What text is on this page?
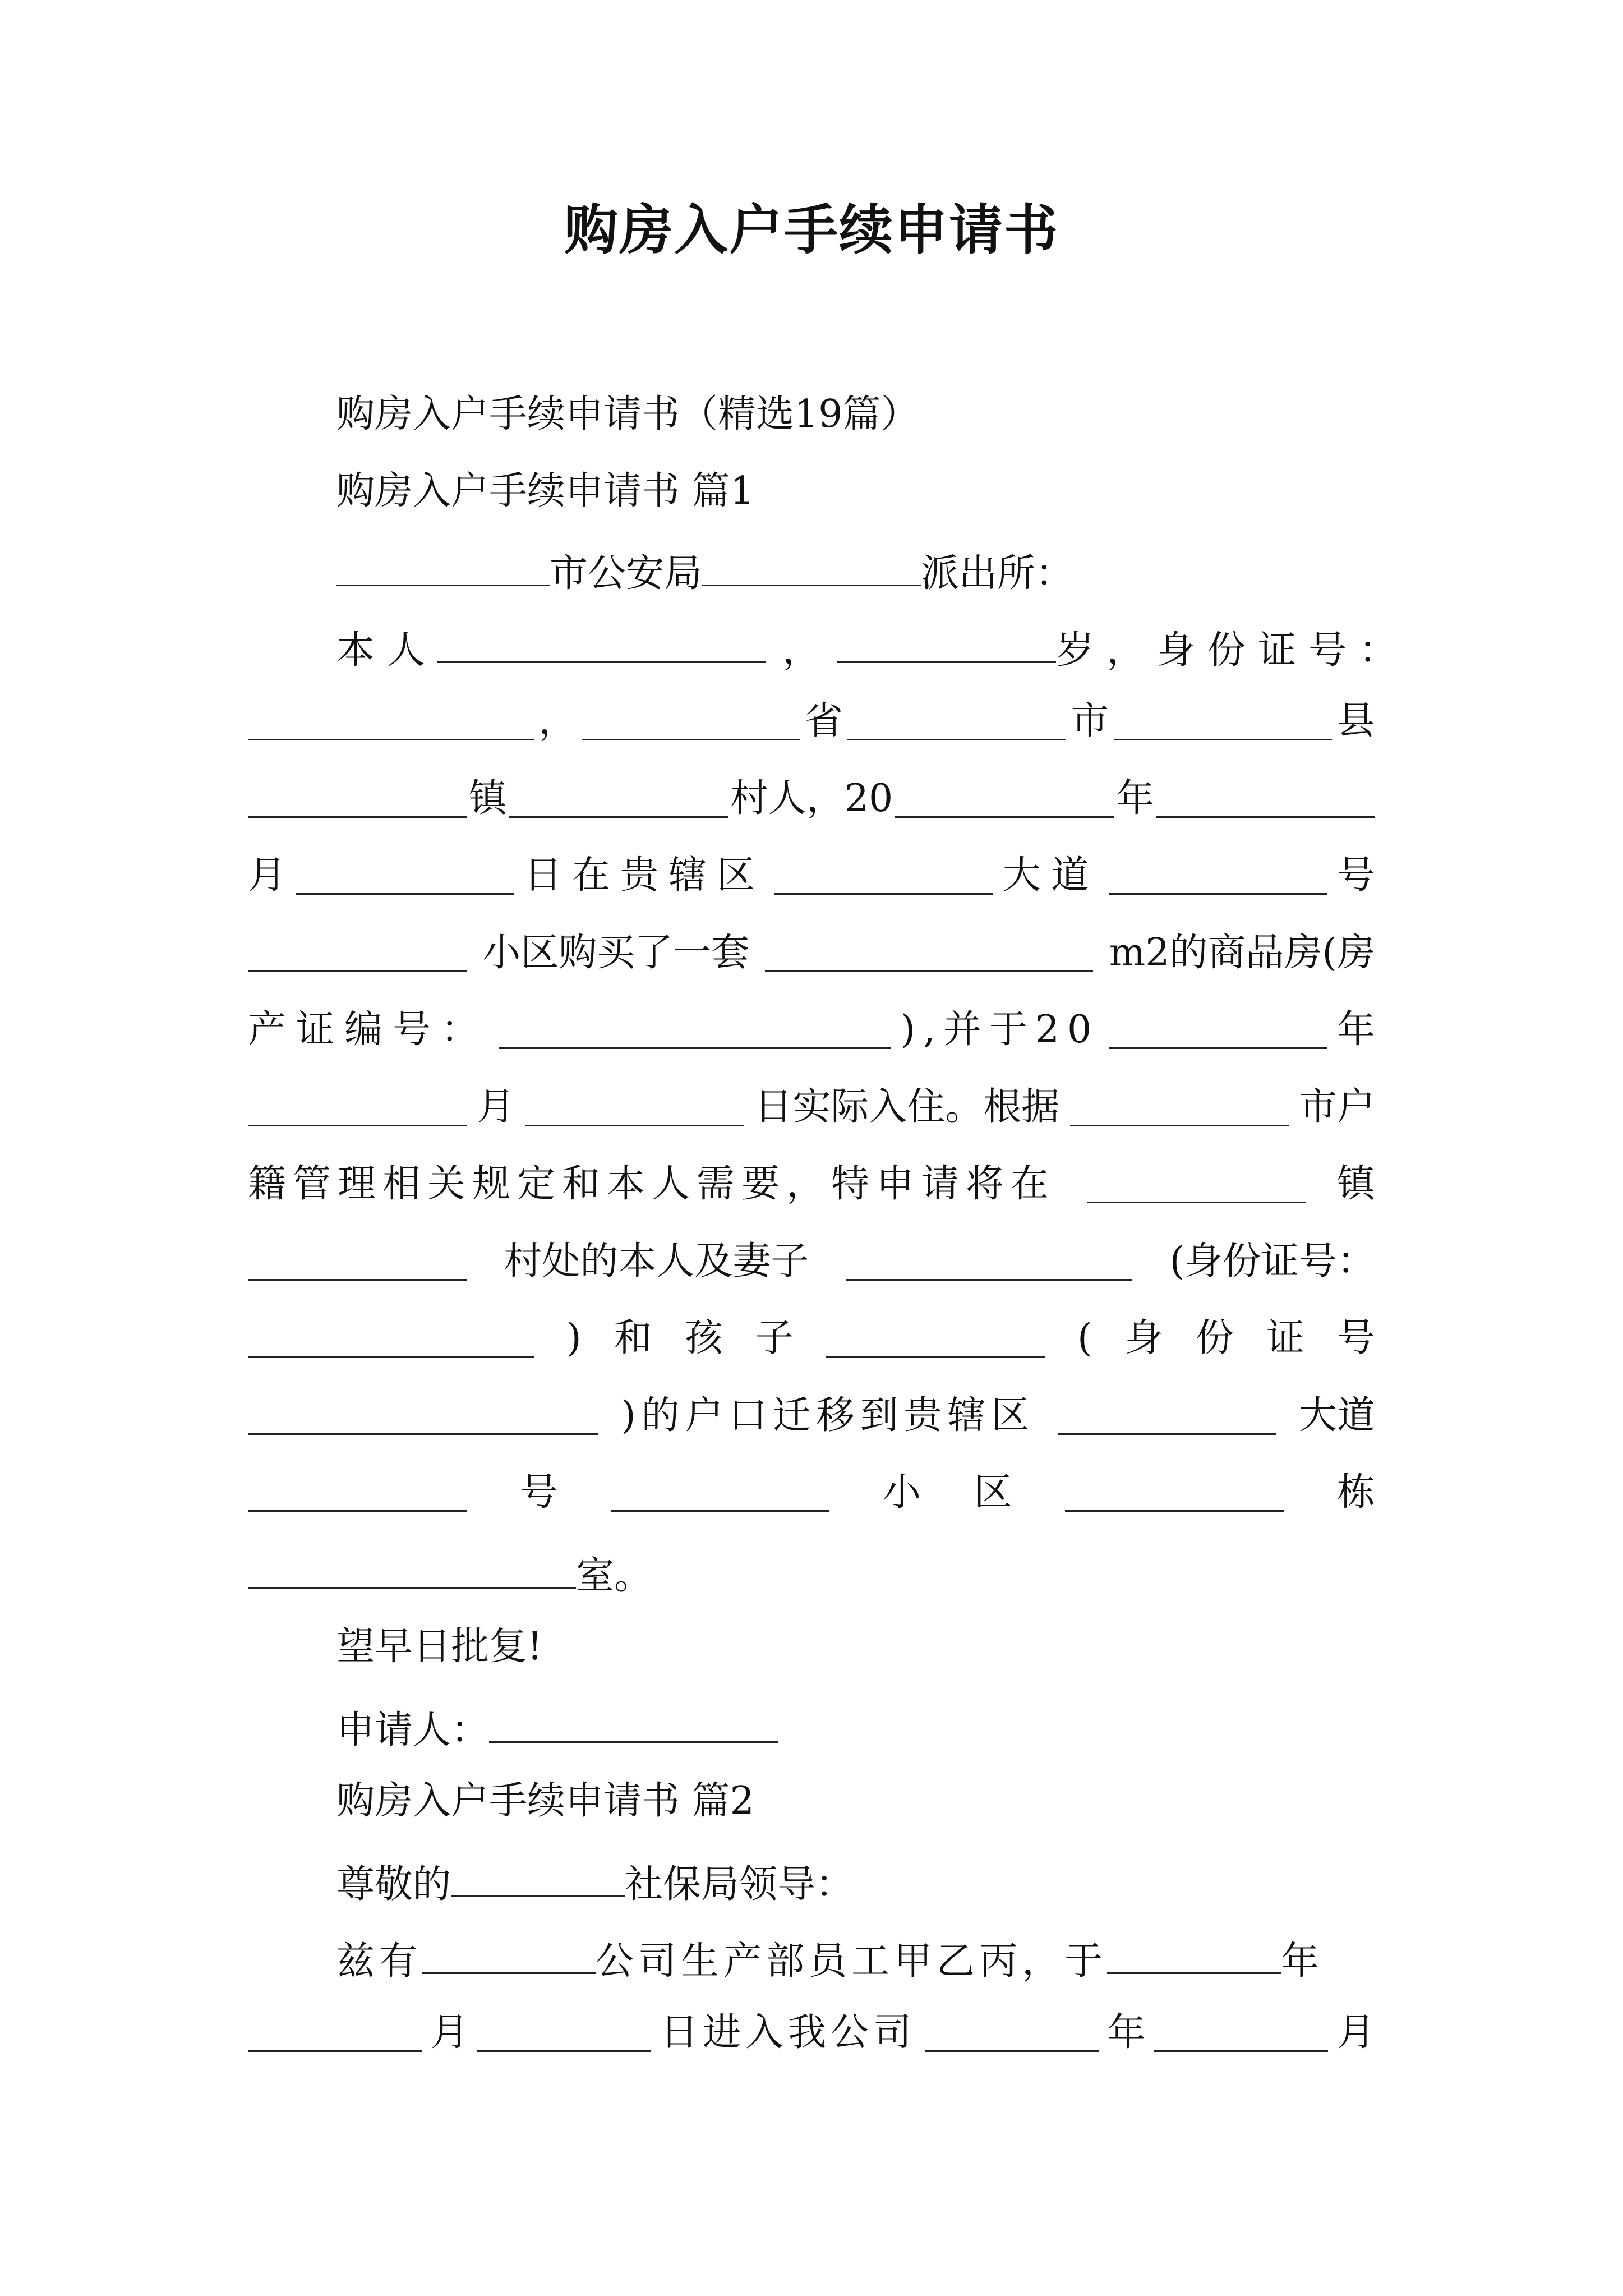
购房入户手续申请书
购房入户手续申请书（精选19篇）
购房入户手续申请书 篇1
市公安局	派出所：
本人	，	岁，身份证号：
，	省	市	县
镇	村人，20	年
月	日在贵辖区	大道	号
小区购买了一套	m2的商品房(房
产证编号：	),并于20	年
月	日实际入住。根据	市户
籍管理相关规定和本人需要，特申请将在	镇
村处的本人及妻子	(身份证号：
) 和 孩 子	( 身 份 证 号
)的户口迁移到贵辖区	大道
号	小 区	栋
室。
望早日批复!
申请人：
购房入户手续申请书 篇2
尊敬的	社保局领导：
兹有	公司生产部员工甲乙丙，于	年
月	日进入我公司	年	月
